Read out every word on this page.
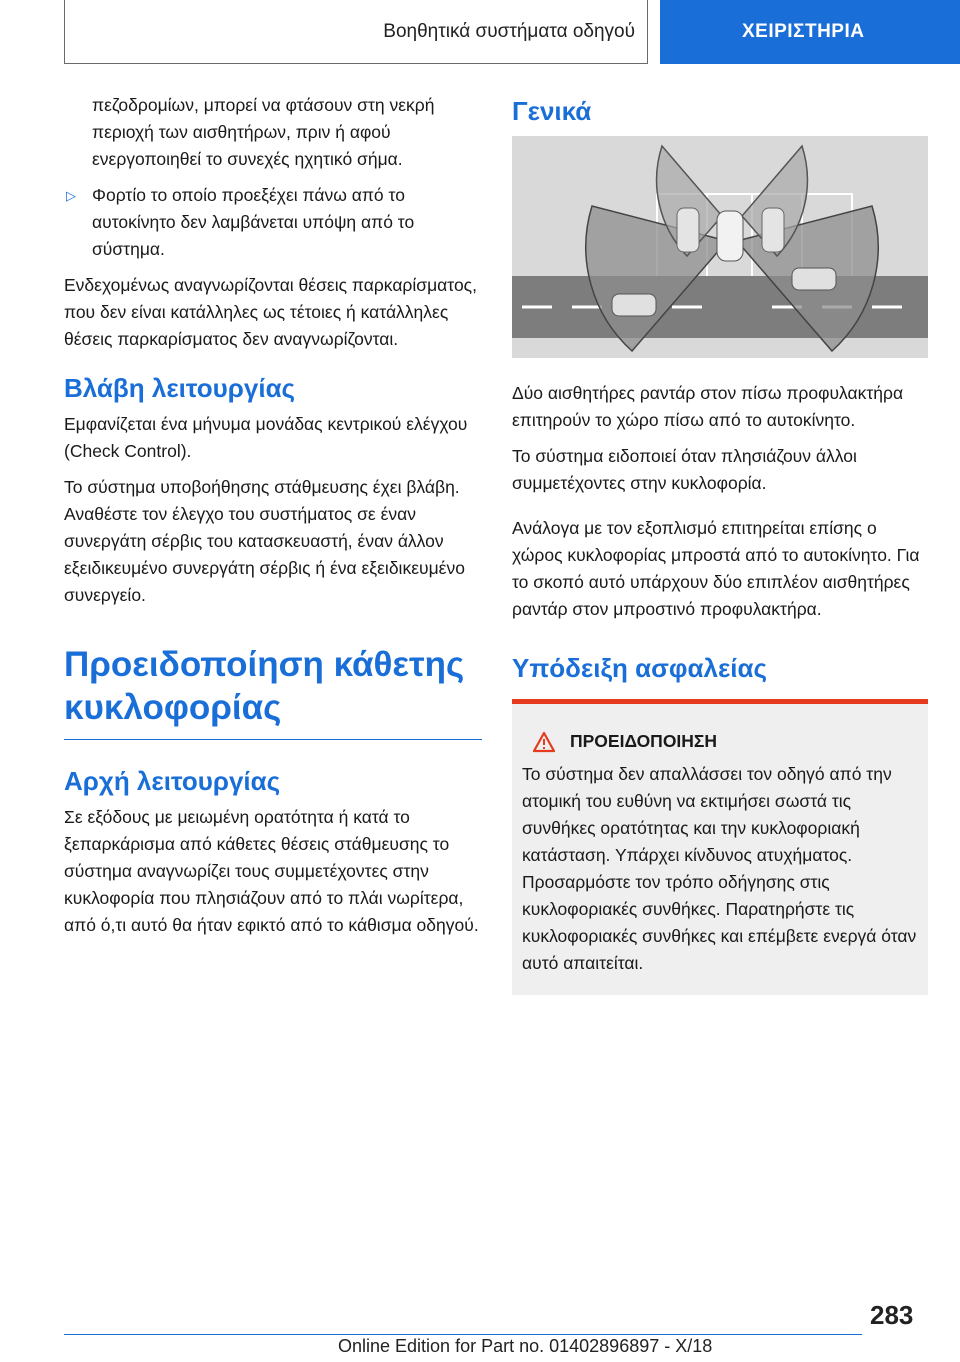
Βοηθητικά συστήματα οδηγού	ΧΕΙΡΙΣΤΗΡΙΑ

πεζοδρομίων, μπορεί να φτάσουν στη νεκρή περιοχή των αισθητήρων, πριν ή αφού ενεργοποιηθεί το συνεχές ηχητικό σήμα.

▷ Φορτίο το οποίο προεξέχει πάνω από το αυτοκίνητο δεν λαμβάνεται υπόψη από το σύστημα.

Ενδεχομένως αναγνωρίζονται θέσεις παρκαρίσματος, που δεν είναι κατάλληλες ως τέτοιες ή κατάλληλες θέσεις παρκαρίσματος δεν αναγνωρίζονται.

Βλάβη λειτουργίας

Εμφανίζεται ένα μήνυμα μονάδας κεντρικού ελέγχου (Check Control).

Το σύστημα υποβοήθησης στάθμευσης έχει βλάβη. Αναθέστε τον έλεγχο του συστήματος σε έναν συνεργάτη σέρβις του κατασκευαστή, έναν άλλον εξειδικευμένο συνεργάτη σέρβις ή ένα εξειδικευμένο συνεργείο.

Προειδοποίηση κάθετης κυκλοφορίας
Αρχή λειτουργίας

Σε εξόδους με μειωμένη ορατότητα ή κατά το ξεπαρκάρισμα από κάθετες θέσεις στάθμευσης το σύστημα αναγνωρίζει τους συμμετέχοντες στην κυκλοφορία που πλησιάζουν από το πλάι νωρίτερα, από ό,τι αυτό θα ήταν εφικτό από το κάθισμα οδηγού.

Γενικά

Δύο αισθητήρες ραντάρ στον πίσω προφυλακτήρα επιτηρούν το χώρο πίσω από το αυτοκίνητο.

Το σύστημα ειδοποιεί όταν πλησιάζουν άλλοι συμμετέχοντες στην κυκλοφορία.

Ανάλογα με τον εξοπλισμό επιτηρείται επίσης ο χώρος κυκλοφορίας μπροστά από το αυτοκίνητο. Για το σκοπό αυτό υπάρχουν δύο επιπλέον αισθητήρες ραντάρ στον μπροστινό προφυλακτήρα.

Υπόδειξη ασφαλείας
ΠΡΟΕΙΔΟΠΟΙΗΣΗ

Το σύστημα δεν απαλλάσσει τον οδηγό από την ατομική του ευθύνη να εκτιμήσει σωστά τις συνθήκες ορατότητας και την κυκλοφοριακή κατάσταση. Υπάρχει κίνδυνος ατυχήματος. Προσαρμόστε τον τρόπο οδήγησης στις κυκλοφοριακές συνθήκες. Παρατηρήστε τις κυκλοφοριακές συνθήκες και επέμβετε ενεργά όταν αυτό απαιτείται.

283
Online Edition for Part no. 01402896897 - X/18
